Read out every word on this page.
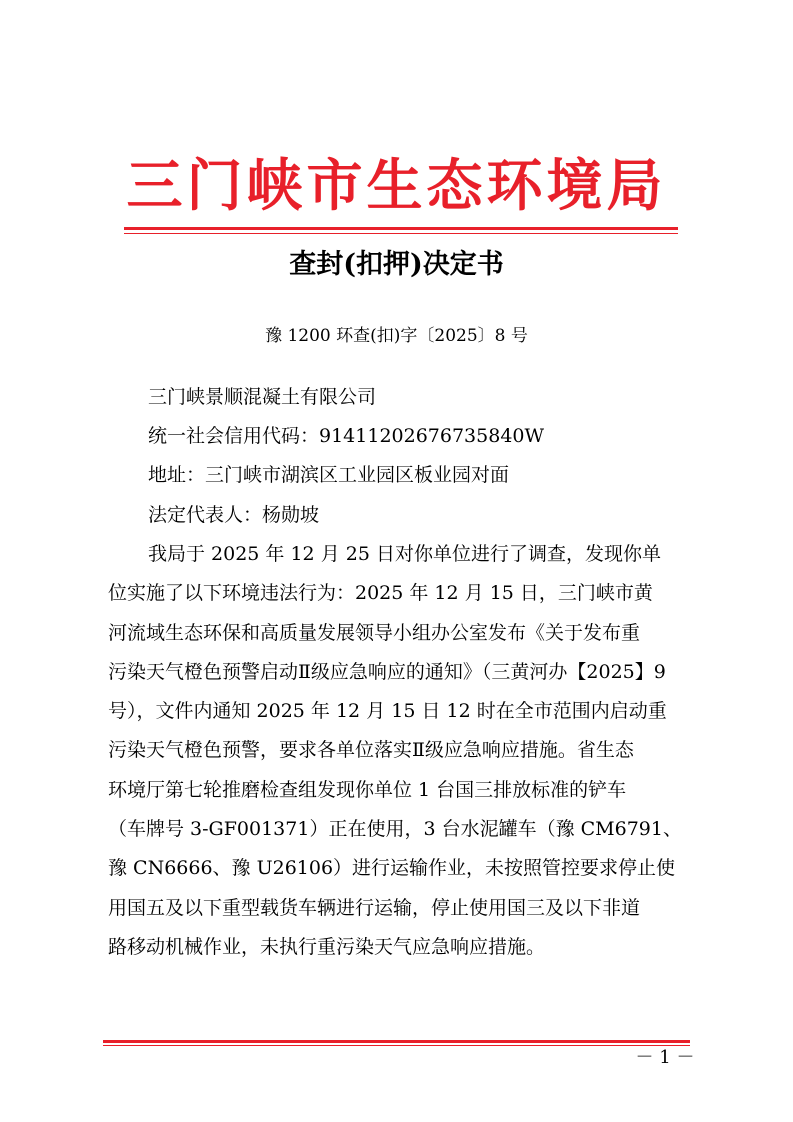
三门峡市生态环境局
查封(扣押)决定书
豫 1200 环查(扣)字〔2025〕8 号
三门峡景顺混凝土有限公司
统一社会信用代码：91411202676735840W
地址：三门峡市湖滨区工业园区板业园对面
法定代表人：杨勋坡
我局于 2025 年 12 月 25 日对你单位进行了调查，发现你单
位实施了以下环境违法行为：2025 年 12 月 15 日，三门峡市黄
河流域生态环保和高质量发展领导小组办公室发布《关于发布重
污染天气橙色预警启动Ⅱ级应急响应的通知》（三黄河办【2025】9
号），文件内通知 2025 年 12 月 15 日 12 时在全市范围内启动重
污染天气橙色预警，要求各单位落实Ⅱ级应急响应措施。省生态
环境厅第七轮推磨检查组发现你单位 1 台国三排放标准的铲车
（车牌号 3-GF001371）正在使用，3 台水泥罐车（豫 CM6791、
豫 CN6666、豫 U26106）进行运输作业，未按照管控要求停止使
用国五及以下重型载货车辆进行运输，停止使用国三及以下非道
路移动机械作业，未执行重污染天气应急响应措施。
－ 1 －
